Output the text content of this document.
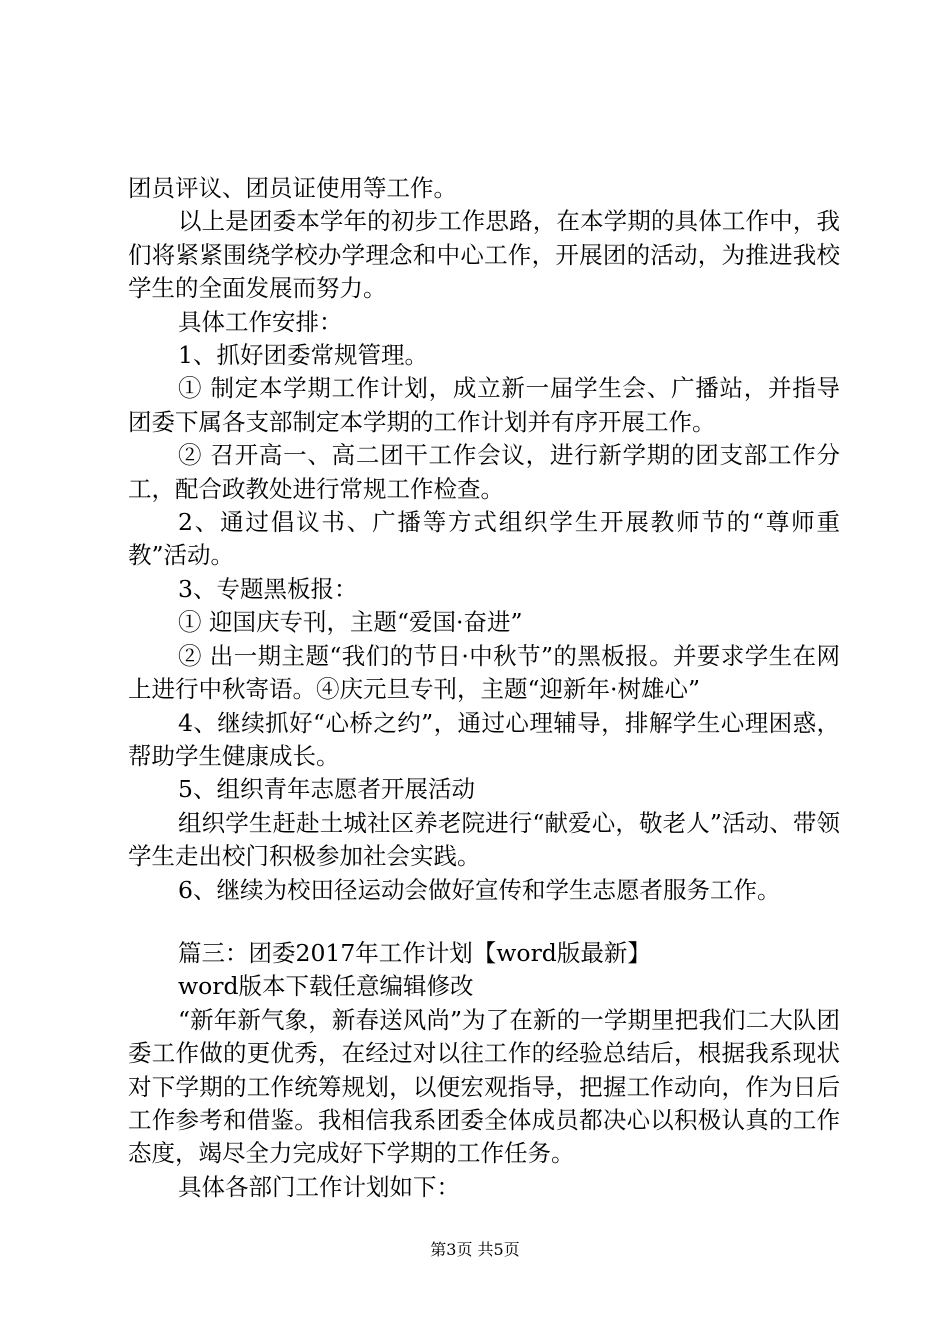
团员评议、团员证使用等工作。

以上是团委本学年的初步工作思路，在本学期的具体工作中，我们将紧紧围绕学校办学理念和中心工作，开展团的活动，为推进我校学生的全面发展而努力。

具体工作安排：

1、抓好团委常规管理。

① 制定本学期工作计划，成立新一届学生会、广播站，并指导团委下属各支部制定本学期的工作计划并有序开展工作。

② 召开高一、高二团干工作会议，进行新学期的团支部工作分工，配合政教处进行常规工作检查。

2、通过倡议书、广播等方式组织学生开展教师节的“尊师重教”活动。

3、专题黑板报：

① 迎国庆专刊，主题“爱国·奋进”

② 出一期主题“我们的节日·中秋节”的黑板报。并要求学生在网上进行中秋寄语。④庆元旦专刊，主题“迎新年·树雄心”

4、继续抓好“心桥之约”，通过心理辅导，排解学生心理困惑，帮助学生健康成长。

5、组织青年志愿者开展活动

组织学生赶赴土城社区养老院进行“献爱心，敬老人”活动、带领学生走出校门积极参加社会实践。

6、继续为校田径运动会做好宣传和学生志愿者服务工作。

篇三：团委2017年工作计划【word版最新】

word版本下载任意编辑修改

“新年新气象，新春送风尚”为了在新的一学期里把我们二大队团委工作做的更优秀，在经过对以往工作的经验总结后，根据我系现状对下学期的工作统筹规划，以便宏观指导，把握工作动向，作为日后工作参考和借鉴。我相信我系团委全体成员都决心以积极认真的工作态度，竭尽全力完成好下学期的工作任务。

具体各部门工作计划如下：

第3页 共5页
